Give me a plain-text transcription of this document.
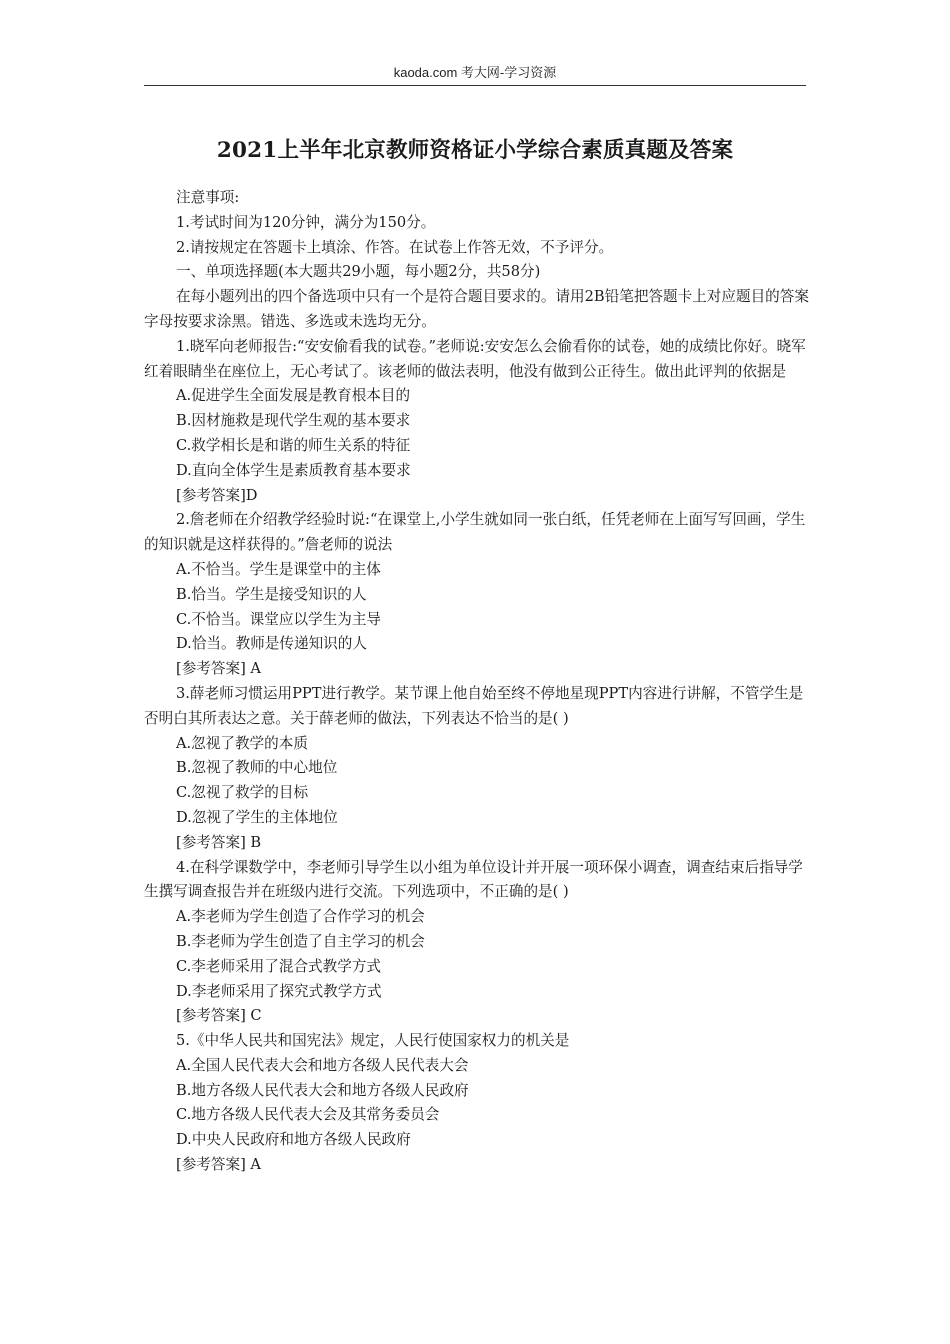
kaoda.com 考大网-学习资源
2021上半年北京教师资格证小学综合素质真题及答案

注意事项:

1.考试时间为120分钟，满分为150分。

2.请按规定在答题卡上填涂、作答。在试卷上作答无效，不予评分。

一、单项选择题(本大题共29小题，每小题2分，共58分)

在每小题列出的四个备选项中只有一个是符合题目要求的。请用2B铅笔把答题卡上对应题目的答案字母按要求涂黑。错选、多选或未选均无分。

1.晓军向老师报告:“安安偷看我的试卷。”老师说:安安怎么会偷看你的试卷，她的成绩比你好。晓军红着眼睛坐在座位上，无心考试了。该老师的做法表明，他没有做到公正待生。做出此评判的依据是

A.促进学生全面发展是教育根本目的

B.因材施救是现代学生观的基本要求

C.救学相长是和谐的师生关系的特征

D.直向全体学生是素质教育基本要求

[参考答案]D

2.詹老师在介绍教学经验时说:“在课堂上,小学生就如同一张白纸，任凭老师在上面写写回画，学生的知识就是这样获得的。”詹老师的说法

A.不恰当。学生是课堂中的主体

B.恰当。学生是接受知识的人

C.不恰当。课堂应以学生为主导

D.恰当。教师是传递知识的人

[参考答案] A

3.薛老师习惯运用PPT进行教学。某节课上他自始至终不停地星现PPT内容进行讲解，不管学生是否明白其所表达之意。关于薛老师的做法，下列表达不恰当的是( )

A.忽视了教学的本质

B.忽视了教师的中心地位

C.忽视了救学的目标

D.忽视了学生的主体地位

[参考答案] B

4.在科学课数学中，李老师引导学生以小组为单位设计并开展一项环保小调查，调查结束后指导学生撰写调查报告并在班级内进行交流。下列选项中，不正确的是( )

A.李老师为学生创造了合作学习的机会

B.李老师为学生创造了自主学习的机会

C.李老师采用了混合式教学方式

D.李老师采用了探究式教学方式

[参考答案] C

5.《中华人民共和国宪法》规定，人民行使国家权力的机关是

A.全国人民代表大会和地方各级人民代表大会

B.地方各级人民代表大会和地方各级人民政府

C.地方各级人民代表大会及其常务委员会

D.中央人民政府和地方各级人民政府

[参考答案] A
